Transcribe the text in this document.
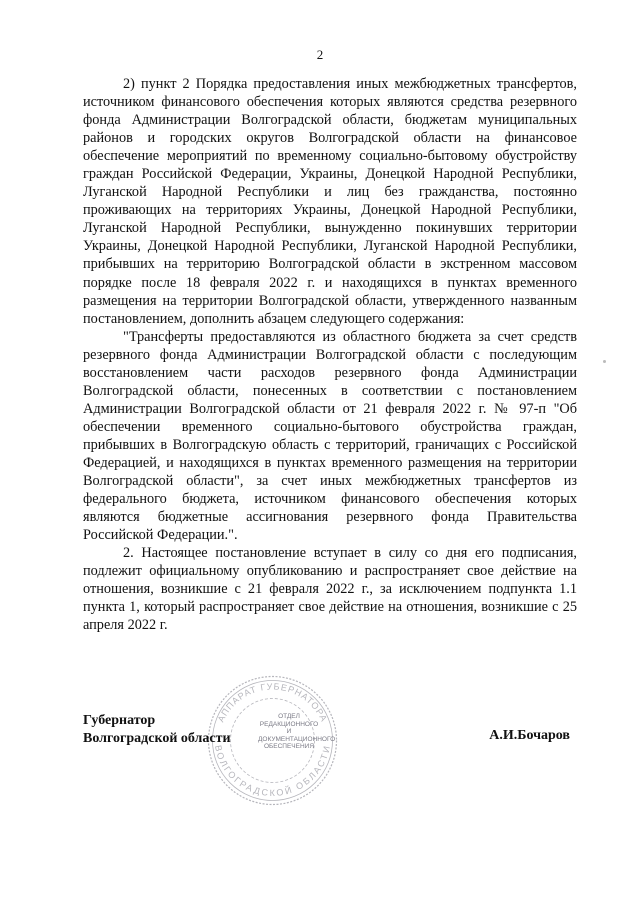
2

2) пункт 2 Порядка предоставления иных межбюджетных трансфертов, источником финансового обеспечения которых являются средства резервного фонда Администрации Волгоградской области, бюджетам муниципальных районов и городских округов Волгоградской области на финансовое обеспечение мероприятий по временному социально-бытовому обустройству граждан Российской Федерации, Украины, Донецкой Народной Республики, Луганской Народной Республики и лиц без гражданства, постоянно проживающих на территориях Украины, Донецкой Народной Республики, Луганской Народной Республики, вынужденно покинувших территории Украины, Донецкой Народной Республики, Луганской Народной Республики, прибывших на территорию Волгоградской области в экстренном массовом порядке после 18 февраля 2022 г. и находящихся в пунктах временного размещения на территории Волгоградской области, утвержденного названным постановлением, дополнить абзацем следующего содержания:

"Трансферты предоставляются из областного бюджета за счет средств резервного фонда Администрации Волгоградской области с последующим восстановлением части расходов резервного фонда Администрации Волгоградской области, понесенных в соответствии с постановлением Администрации Волгоградской области от 21 февраля 2022 г. № 97-п "Об обеспечении временного социально-бытового обустройства граждан, прибывших в Волгоградскую область с территорий, граничащих с Российской Федерацией, и находящихся в пунктах временного размещения на территории Волгоградской области", за счет иных межбюджетных трансфертов из федерального бюджета, источником финансового обеспечения которых являются бюджетные ассигнования резервного фонда Правительства Российской Федерации.".

2. Настоящее постановление вступает в силу со дня его подписания, подлежит официальному опубликованию и распространяет свое действие на отношения, возникшие с 21 февраля 2022 г., за исключением подпункта 1.1 пункта 1, который распространяет свое действие на отношения, возникшие с 25 апреля 2022 г.

АППАРАТ ГУБЕРНАТОРА
ВОЛГОГРАДСКОЙ ОБЛАСТИ
ОТДЕЛ
РЕДАКЦИОННОГО
И ДОКУМЕНТАЦИОННОГО
ОБЕСПЕЧЕНИЯ
Губернатор
Волгоградской области	А.И.Бочаров
